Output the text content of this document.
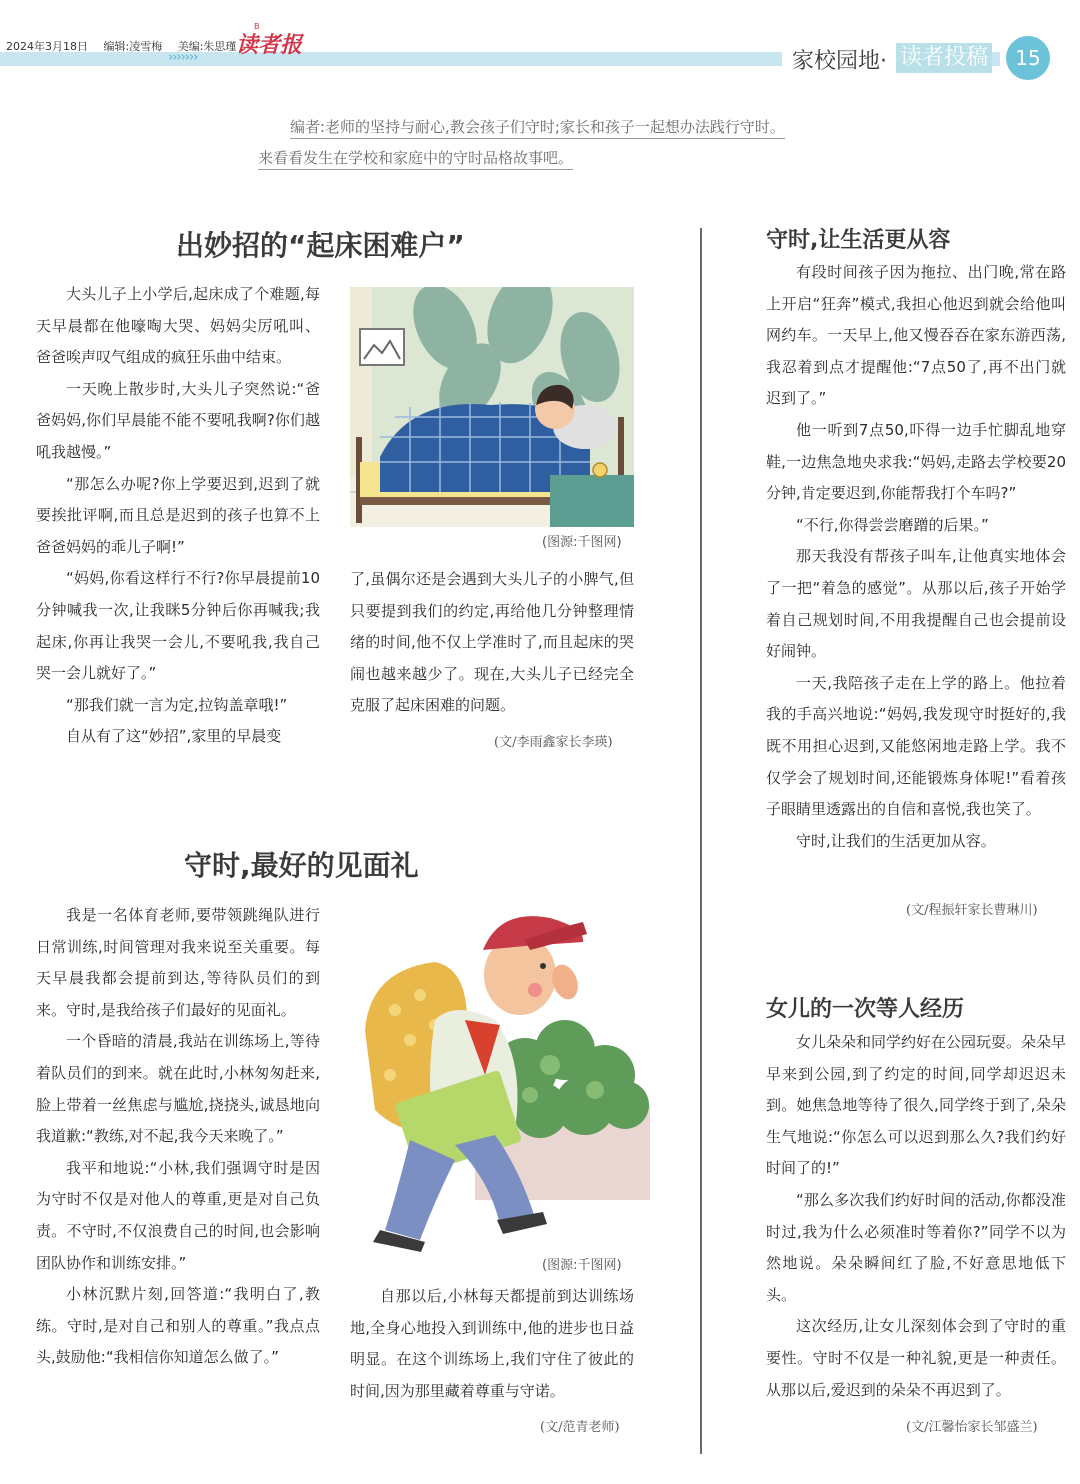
2024年3月18日 编辑:凌雪梅 美编:朱思瑾
B
读者报
›››››››	家校园地· 读者投稿	15
编者:老师的坚持与耐心,教会孩子们守时;家长和孩子一起想办法践行守时。
来看看发生在学校和家庭中的守时品格故事吧。
出妙招的“起床困难户”

大头儿子上小学后,起床成了个难题,每天早晨都在他嚎啕大哭、妈妈尖厉吼叫、爸爸唉声叹气组成的疯狂乐曲中结束。

一天晚上散步时,大头儿子突然说:“爸爸妈妈,你们早晨能不能不要吼我啊?你们越吼我越慢。”

“那怎么办呢?你上学要迟到,迟到了就要挨批评啊,而且总是迟到的孩子也算不上爸爸妈妈的乖儿子啊!”

“妈妈,你看这样行不行?你早晨提前10分钟喊我一次,让我眯5分钟后你再喊我;我起床,你再让我哭一会儿,不要吼我,我自己哭一会儿就好了。”

“那我们就一言为定,拉钩盖章哦!”

自从有了这“妙招”,家里的早晨变

(图源:千图网)

了,虽偶尔还是会遇到大头儿子的小脾气,但只要提到我们的约定,再给他几分钟整理情绪的时间,他不仅上学准时了,而且起床的哭闹也越来越少了。现在,大头儿子已经完全克服了起床困难的问题。

(文/李雨鑫家长李瑛)
守时,最好的见面礼

我是一名体育老师,要带领跳绳队进行日常训练,时间管理对我来说至关重要。每天早晨我都会提前到达,等待队员们的到来。守时,是我给孩子们最好的见面礼。

一个昏暗的清晨,我站在训练场上,等待着队员们的到来。就在此时,小林匆匆赶来,脸上带着一丝焦虑与尴尬,挠挠头,诚恳地向我道歉:“教练,对不起,我今天来晚了。”

我平和地说:“小林,我们强调守时是因为守时不仅是对他人的尊重,更是对自己负责。不守时,不仅浪费自己的时间,也会影响团队协作和训练安排。”

小林沉默片刻,回答道:“我明白了,教练。守时,是对自己和别人的尊重。”我点点头,鼓励他:“我相信你知道怎么做了。”

(图源:千图网)

自那以后,小林每天都提前到达训练场地,全身心地投入到训练中,他的进步也日益明显。在这个训练场上,我们守住了彼此的时间,因为那里藏着尊重与守诺。

(文/范青老师)
守时,让生活更从容

有段时间孩子因为拖拉、出门晚,常在路上开启“狂奔”模式,我担心他迟到就会给他叫网约车。一天早上,他又慢吞吞在家东游西荡,我忍着到点才提醒他:“7点50了,再不出门就迟到了。”

他一听到7点50,吓得一边手忙脚乱地穿鞋,一边焦急地央求我:“妈妈,走路去学校要20分钟,肯定要迟到,你能帮我打个车吗?”

“不行,你得尝尝磨蹭的后果。”

那天我没有帮孩子叫车,让他真实地体会了一把“着急的感觉”。从那以后,孩子开始学着自己规划时间,不用我提醒自己也会提前设好闹钟。

一天,我陪孩子走在上学的路上。他拉着我的手高兴地说:“妈妈,我发现守时挺好的,我既不用担心迟到,又能悠闲地走路上学。我不仅学会了规划时间,还能锻炼身体呢!”看着孩子眼睛里透露出的自信和喜悦,我也笑了。

守时,让我们的生活更加从容。

(文/程振轩家长曹琳川)
女儿的一次等人经历

女儿朵朵和同学约好在公园玩耍。朵朵早早来到公园,到了约定的时间,同学却迟迟未到。她焦急地等待了很久,同学终于到了,朵朵生气地说:“你怎么可以迟到那么久?我们约好时间了的!”

“那么多次我们约好时间的活动,你都没准时过,我为什么必须准时等着你?”同学不以为然地说。朵朵瞬间红了脸,不好意思地低下头。

这次经历,让女儿深刻体会到了守时的重要性。守时不仅是一种礼貌,更是一种责任。从那以后,爱迟到的朵朵不再迟到了。

(文/江馨怡家长邹盛兰)
